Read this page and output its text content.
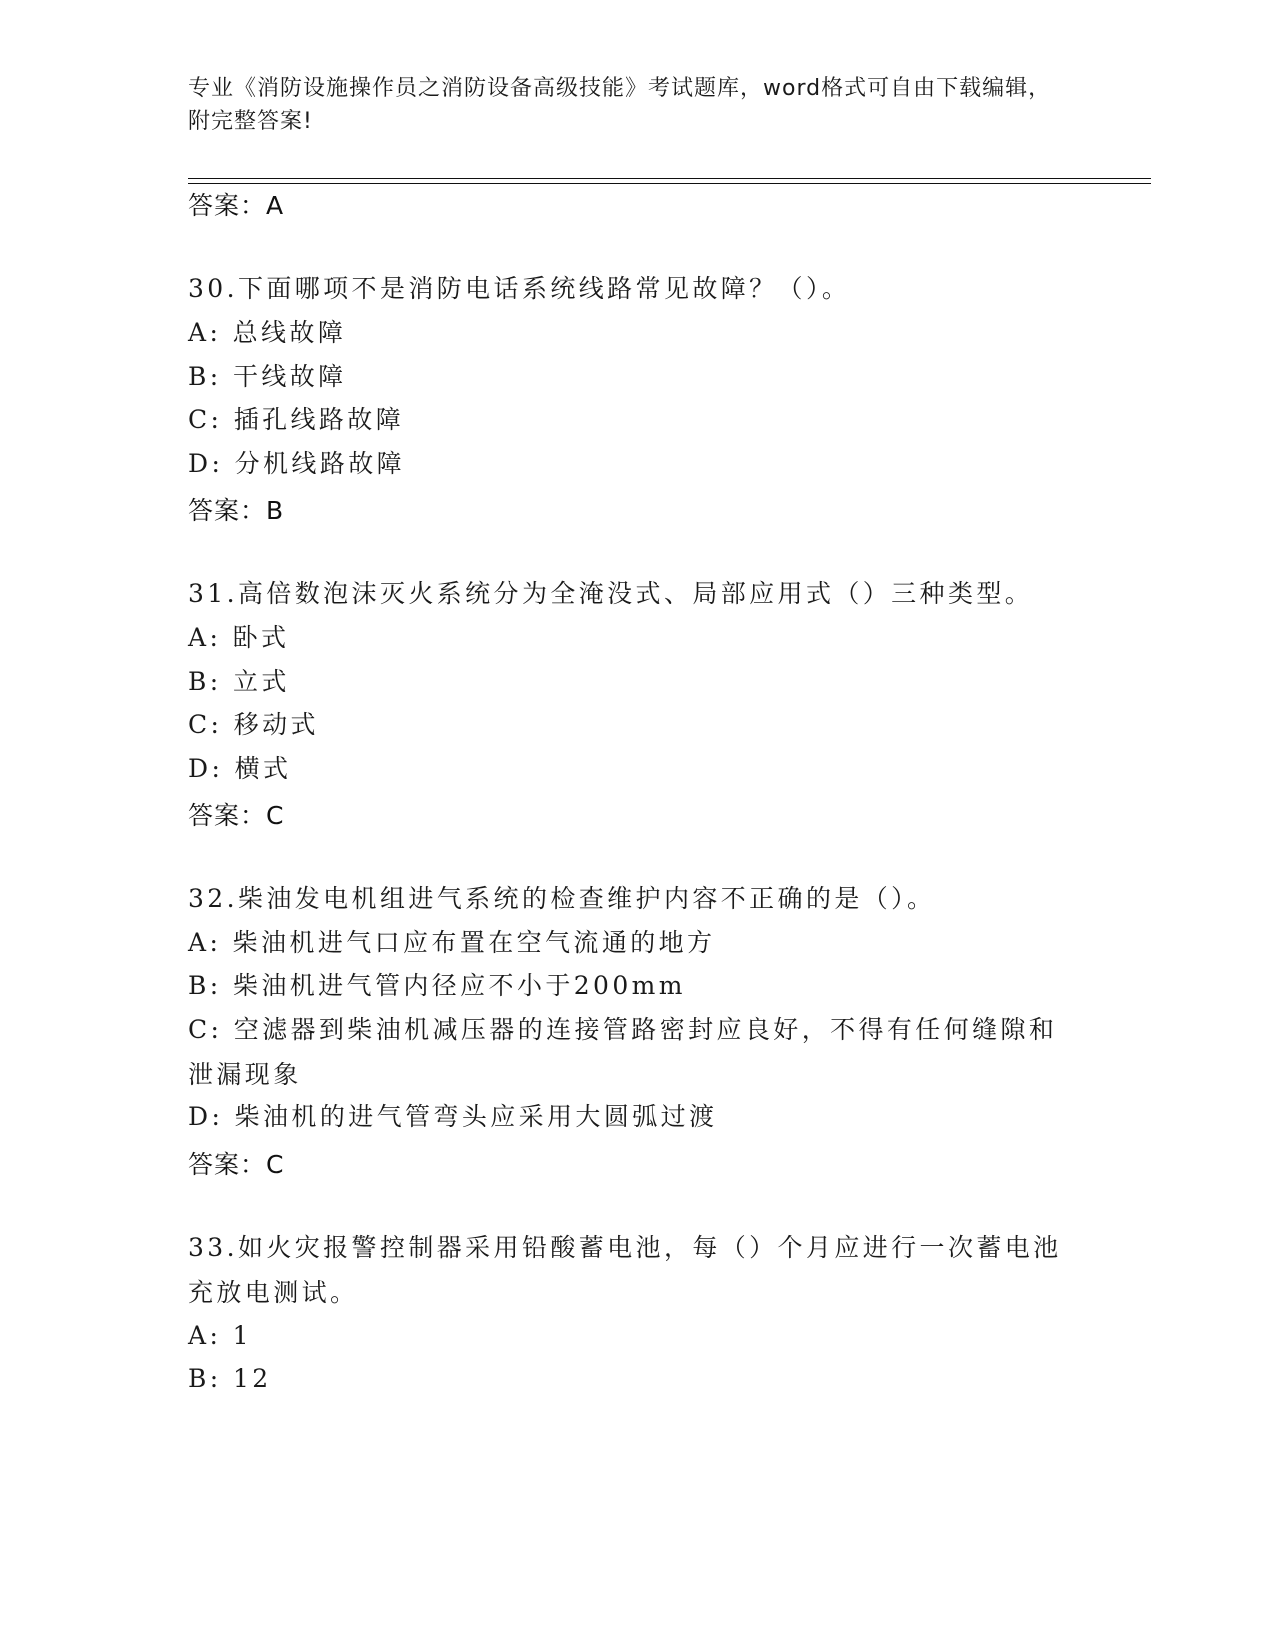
专业《消防设施操作员之消防设备高级技能》考试题库，word格式可自由下载编辑，附完整答案!
答案：A
30.下面哪项不是消防电话系统线路常见故障？（）。
A: 总线故障
B: 干线故障
C: 插孔线路故障
D: 分机线路故障
答案：B
31.高倍数泡沫灭火系统分为全淹没式、局部应用式（）三种类型。
A: 卧式
B: 立式
C: 移动式
D: 横式
答案：C
32.柴油发电机组进气系统的检查维护内容不正确的是（）。
A: 柴油机进气口应布置在空气流通的地方
B: 柴油机进气管内径应不小于200mm
C: 空滤器到柴油机减压器的连接管路密封应良好，不得有任何缝隙和泄漏现象
D: 柴油机的进气管弯头应采用大圆弧过渡
答案：C
33.如火灾报警控制器采用铅酸蓄电池，每（）个月应进行一次蓄电池充放电测试。
A: 1
B: 12
